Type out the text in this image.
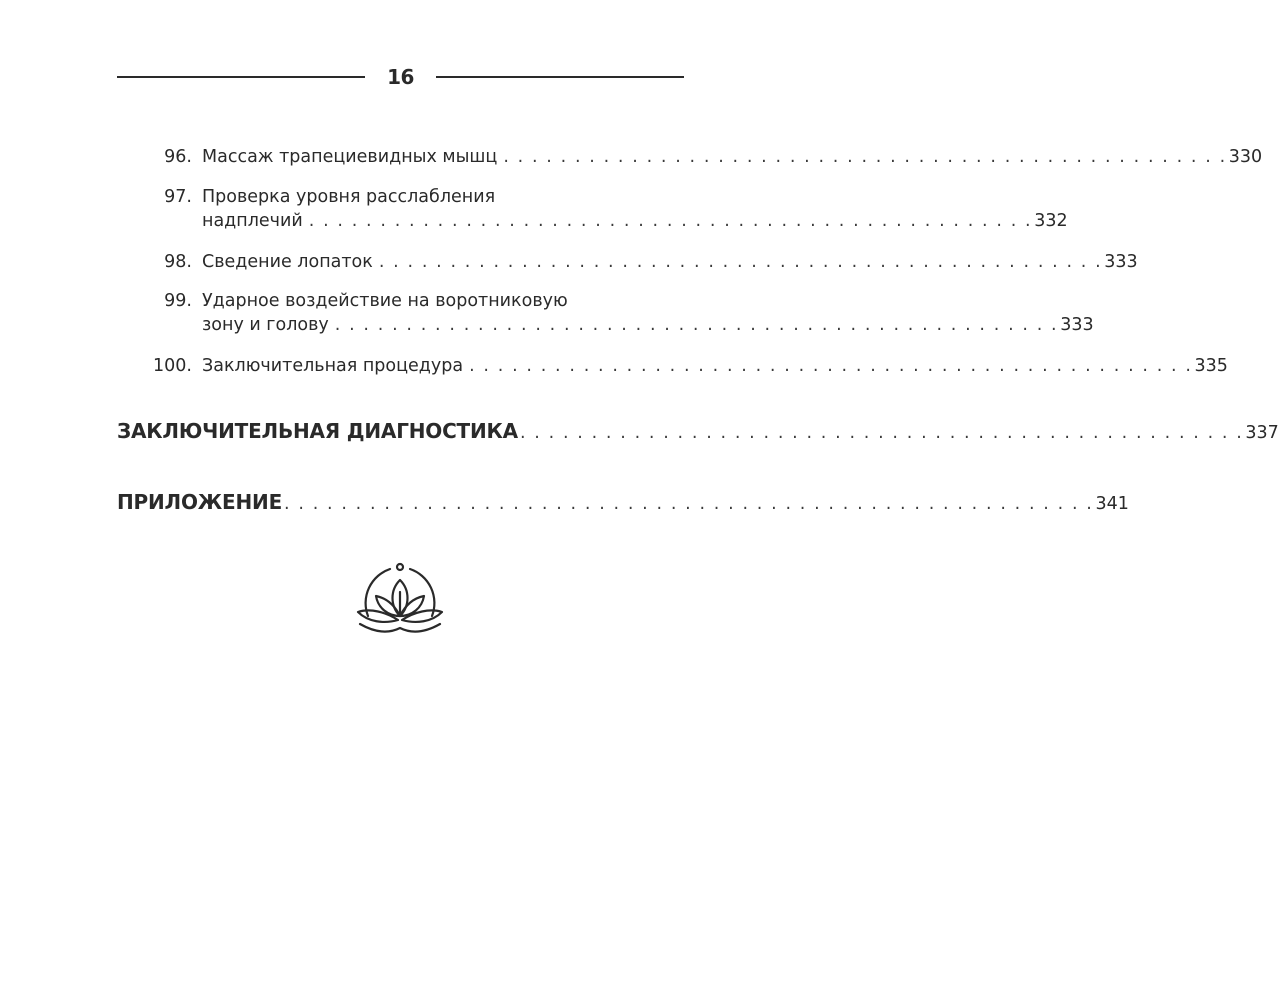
16
96. Массаж трапециевидных мышц . . . . . . . . . . . . . . . . . . . . . . . . . . . . . . . . . . . . . . . . . . . . . . . . . . . 330
97. Проверка уровня расслабления
надплечий . . . . . . . . . . . . . . . . . . . . . . . . . . . . . . . . . . . . . . . . . . . . . . . . . . . 332
98. Сведение лопаток . . . . . . . . . . . . . . . . . . . . . . . . . . . . . . . . . . . . . . . . . . . . . . . . . . . 333
99. Ударное воздействие на воротниковую
зону и голову . . . . . . . . . . . . . . . . . . . . . . . . . . . . . . . . . . . . . . . . . . . . . . . . . . . 333
100. Заключительная процедура . . . . . . . . . . . . . . . . . . . . . . . . . . . . . . . . . . . . . . . . . . . . . . . . . . . 335
ЗАКЛЮЧИТЕЛЬНАЯ ДИАГНОСТИКА . . . . . . . . . . . . . . . . . . . . . . . . . . . . . . . . . . . . . . . . . . . . . . . . . . . 337
ПРИЛОЖЕНИЕ . . . . . . . . . . . . . . . . . . . . . . . . . . . . . . . . . . . . . . . . . . . . . . . . . . . . . . . . . 341
